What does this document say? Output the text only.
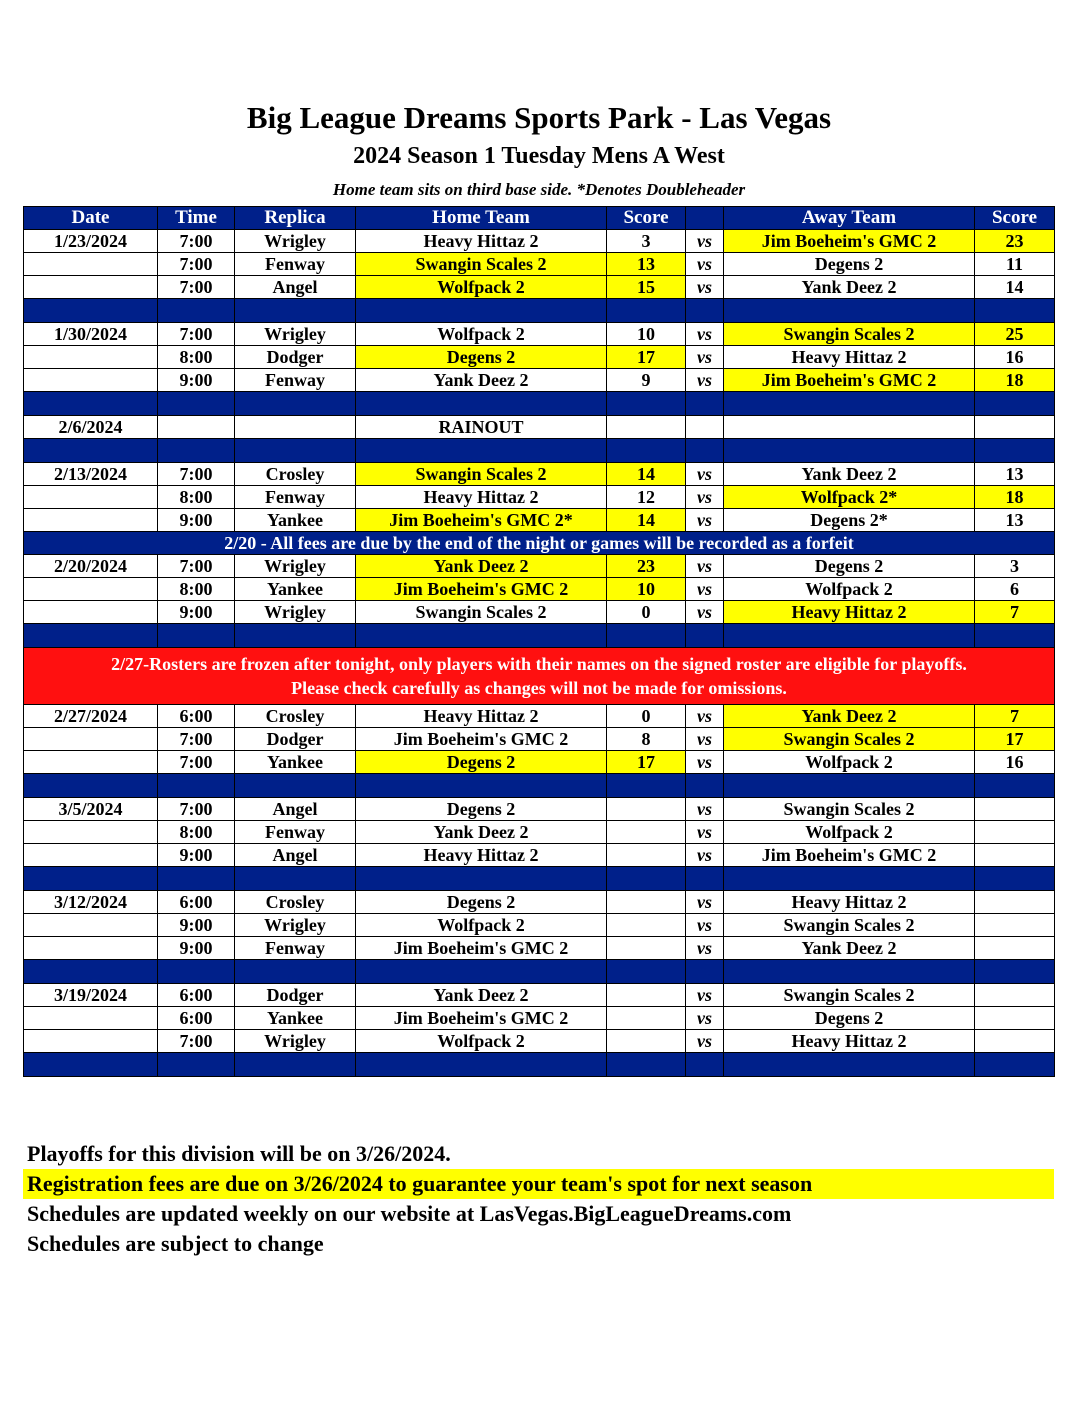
Big League Dreams Sports Park - Las Vegas
2024 Season 1 Tuesday Mens A West
Home team sits on third base side. *Denotes Doubleheader
Date	Time	Replica	Home Team	Score		Away Team	Score
1/23/2024	7:00	Wrigley	Heavy Hittaz 2	3	vs	Jim Boeheim's GMC 2	23
	7:00	Fenway	Swangin Scales 2	13	vs	Degens 2	11
	7:00	Angel	Wolfpack 2	15	vs	Yank Deez 2	14

1/30/2024	7:00	Wrigley	Wolfpack 2	10	vs	Swangin Scales 2	25
	8:00	Dodger	Degens 2	17	vs	Heavy Hittaz 2	16
	9:00	Fenway	Yank Deez 2	9	vs	Jim Boeheim's GMC 2	18

2/6/2024			RAINOUT				

2/13/2024	7:00	Crosley	Swangin Scales 2	14	vs	Yank Deez 2	13
	8:00	Fenway	Heavy Hittaz 2	12	vs	Wolfpack 2*	18
	9:00	Yankee	Jim Boeheim's GMC 2*	14	vs	Degens 2*	13
2/20 - All fees are due by the end of the night or games will be recorded as a forfeit							
2/20/2024	7:00	Wrigley	Yank Deez 2	23	vs	Degens 2	3
	8:00	Yankee	Jim Boeheim's GMC 2	10	vs	Wolfpack 2	6
	9:00	Wrigley	Swangin Scales 2	0	vs	Heavy Hittaz 2	7

2/27-Rosters are frozen after tonight, only players with their names on the signed roster are eligible for playoffs.
Please check carefully as changes will not be made for omissions.							

2/27/2024	6:00	Crosley	Heavy Hittaz 2	0	vs	Yank Deez 2	7
	7:00	Dodger	Jim Boeheim's GMC 2	8	vs	Swangin Scales 2	17
	7:00	Yankee	Degens 2	17	vs	Wolfpack 2	16

3/5/2024	7:00	Angel	Degens 2		vs	Swangin Scales 2	
	8:00	Fenway	Yank Deez 2		vs	Wolfpack 2	
	9:00	Angel	Heavy Hittaz 2		vs	Jim Boeheim's GMC 2	

3/12/2024	6:00	Crosley	Degens 2		vs	Heavy Hittaz 2	
	9:00	Wrigley	Wolfpack 2		vs	Swangin Scales 2	
	9:00	Fenway	Jim Boeheim's GMC 2		vs	Yank Deez 2	

3/19/2024	6:00	Dodger	Yank Deez 2		vs	Swangin Scales 2	
	6:00	Yankee	Jim Boeheim's GMC 2		vs	Degens 2	
	7:00	Wrigley	Wolfpack 2		vs	Heavy Hittaz 2	

Playoffs for this division will be on 3/26/2024.
Registration fees are due on 3/26/2024 to guarantee your team's spot for next season
Schedules are updated weekly on our website at LasVegas.BigLeagueDreams.com
Schedules are subject to change
